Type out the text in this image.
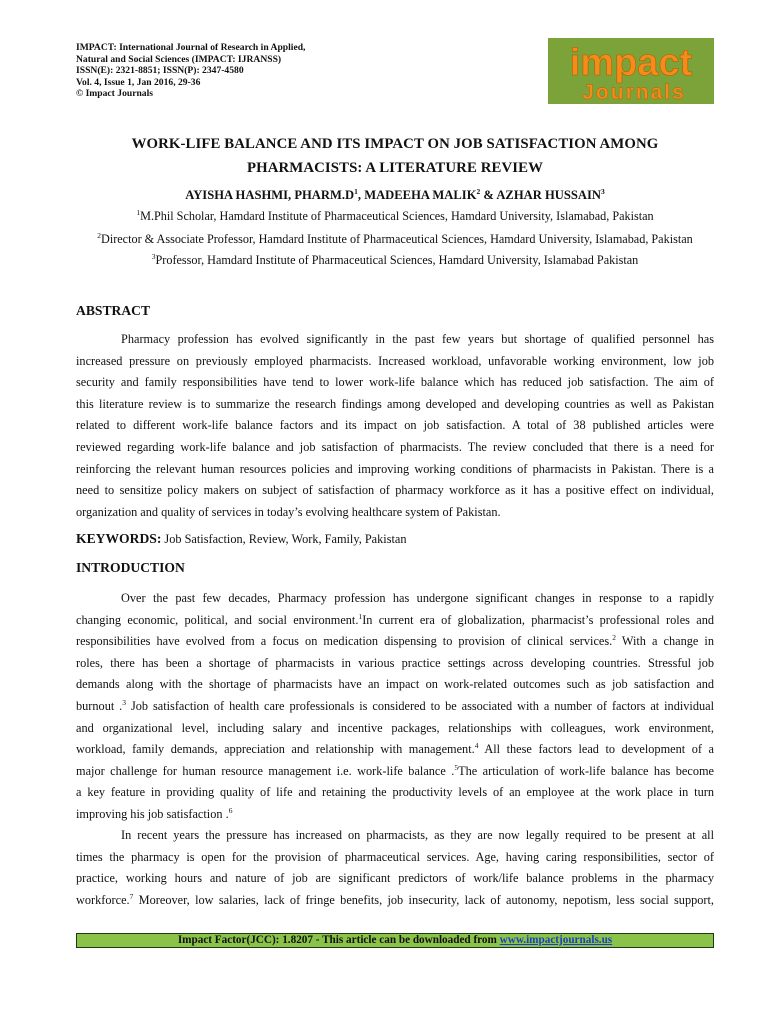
IMPACT: International Journal of Research in Applied,
Natural and Social Sciences (IMPACT: IJRANSS)
ISSN(E): 2321-8851; ISSN(P): 2347-4580
Vol. 4, Issue 1, Jan 2016, 29-36
© Impact Journals
impact
Journals
WORK-LIFE BALANCE AND ITS IMPACT ON JOB SATISFACTION AMONG
PHARMACISTS: A LITERATURE REVIEW
AYISHA HASHMI, $PHARM.D^1$, MADEEHA MALIK$^2$ & AZHAR HUSSAIN$^3$
$^1$M.Phil Scholar, Hamdard Institute of Pharmaceutical Sciences, Hamdard University, Islamabad, Pakistan
$^2$Director & Associate Professor, Hamdard Institute of Pharmaceutical Sciences, Hamdard University, Islamabad, Pakistan
$^3$Professor, Hamdard Institute of Pharmaceutical Sciences, Hamdard University, Islamabad Pakistan
ABSTRACT
Pharmacy profession has evolved significantly in the past few years but shortage of qualified personnel has
increased pressure on previously employed pharmacists. Increased workload, unfavorable working environment, low job
security and family responsibilities have tend to lower work-life balance which has reduced job satisfaction. The aim of
this literature review is to summarize the research findings among developed and developing countries as well as Pakistan
related to different work-life balance factors and its impact on job satisfaction. A total of 38 published articles were
reviewed regarding work-life balance and job satisfaction of pharmacists. The review concluded that there is a need for
reinforcing the relevant human resources policies and improving working conditions of pharmacists in Pakistan. There is a
need to sensitize policy makers on subject of satisfaction of pharmacy workforce as it has a positive effect on individual,
organization and quality of services in today’s evolving healthcare system of Pakistan.
KEYWORDS: Job Satisfaction, Review, Work, Family, Pakistan
INTRODUCTION
Over the past few decades, Pharmacy profession has undergone significant changes in response to a rapidly
changing economic, political, and social environment.$^1$In current era of globalization, pharmacist’s professional roles and
responsibilities have evolved from a focus on medication dispensing to provision of clinical services.$^2$ With a change in
roles, there has been a shortage of pharmacists in various practice settings across developing countries. Stressful job
demands along with the shortage of pharmacists have an impact on work-related outcomes such as job satisfaction and
burnout .$^3$ Job satisfaction of health care professionals is considered to be associated with a number of factors at individual
and organizational level, including salary and incentive packages, relationships with colleagues, work environment,
workload, family demands, appreciation and relationship with management.$^4$ All these factors lead to development of a
major challenge for human resource management i.e. work-life balance .$^5$The articulation of work-life balance has become
a key feature in providing quality of life and retaining the productivity levels of an employee at the work place in turn
improving his job satisfaction .$^6$
In recent years the pressure has increased on pharmacists, as they are now legally required to be present at all
times the pharmacy is open for the provision of pharmaceutical services. Age, having caring responsibilities, sector of
practice, working hours and nature of job are significant predictors of work/life balance problems in the pharmacy
workforce.$^7$ Moreover, low salaries, lack of fringe benefits, job insecurity, lack of autonomy, nepotism, less social support,
Impact Factor(JCC): 1.8207 - This article can be downloaded from www.impactjournals.us
